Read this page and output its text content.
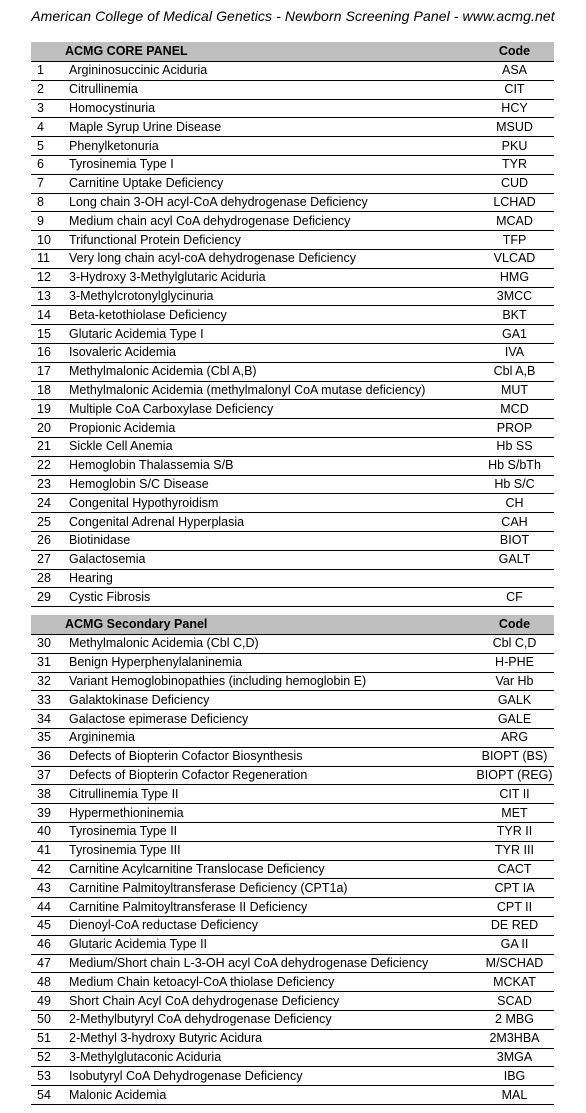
American College of Medical Genetics - Newborn Screening Panel - www.acmg.net
ACMG CORE PANEL		Code
1	Argininosuccinic Aciduria	ASA
2	Citrullinemia	CIT
3	Homocystinuria	HCY
4	Maple Syrup Urine Disease	MSUD
5	Phenylketonuria	PKU
6	Tyrosinemia Type I	TYR
7	Carnitine Uptake Deficiency	CUD
8	Long chain 3-OH acyl-CoA dehydrogenase Deficiency	LCHAD
9	Medium chain acyl CoA dehydrogenase Deficiency	MCAD
10	Trifunctional Protein Deficiency	TFP
11	Very long chain acyl-coA dehydrogenase Deficiency	VLCAD
12	3-Hydroxy 3-Methylglutaric Aciduria	HMG
13	3-Methylcrotonylglycinuria	3MCC
14	Beta-ketothiolase Deficiency	BKT
15	Glutaric Acidemia Type I	GA1
16	Isovaleric Acidemia	IVA
17	Methylmalonic Acidemia (Cbl A,B)	Cbl A,B
18	Methylmalonic Acidemia (methylmalonyl CoA mutase deficiency)	MUT
19	Multiple CoA Carboxylase Deficiency	MCD
20	Propionic Acidemia	PROP
21	Sickle Cell Anemia	Hb SS
22	Hemoglobin Thalassemia S/B	Hb S/bTh
23	Hemoglobin S/C Disease	Hb S/C
24	Congenital Hypothyroidism	CH
25	Congenital Adrenal Hyperplasia	CAH
26	Biotinidase	BIOT
27	Galactosemia	GALT
28	Hearing	
29	Cystic Fibrosis	CF
ACMG Secondary Panel		Code
30	Methylmalonic Acidemia (Cbl C,D)	Cbl C,D
31	Benign Hyperphenylalaninemia	H-PHE
32	Variant Hemoglobinopathies (including hemoglobin E)	Var Hb
33	Galaktokinase Deficiency	GALK
34	Galactose epimerase Deficiency	GALE
35	Argininemia	ARG
36	Defects of Biopterin Cofactor Biosynthesis	BIOPT (BS)
37	Defects of Biopterin Cofactor Regeneration	BIOPT (REG)
38	Citrullinemia Type II	CIT II
39	Hypermethioninemia	MET
40	Tyrosinemia Type II	TYR II
41	Tyrosinemia Type III	TYR III
42	Carnitine Acylcarnitine Translocase Deficiency	CACT
43	Carnitine Palmitoyltransferase Deficiency (CPT1a)	CPT IA
44	Carnitine Palmitoyltransferase II Deficiency	CPT II
45	Dienoyl-CoA reductase Deficiency	DE RED
46	Glutaric Acidemia Type II	GA II
47	Medium/Short chain L-3-OH acyl CoA dehydrogenase Deficiency	M/SCHAD
48	Medium Chain ketoacyl-CoA thiolase Deficiency	MCKAT
49	Short Chain Acyl CoA dehydrogenase Deficiency	SCAD
50	2-Methylbutyryl CoA dehydrogenase Deficiency	2 MBG
51	2-Methyl 3-hydroxy Butyric Acidura	2M3HBA
52	3-Methylglutaconic Aciduria	3MGA
53	Isobutyryl CoA Dehydrogenase Deficiency	IBG
54	Malonic Acidemia	MAL
